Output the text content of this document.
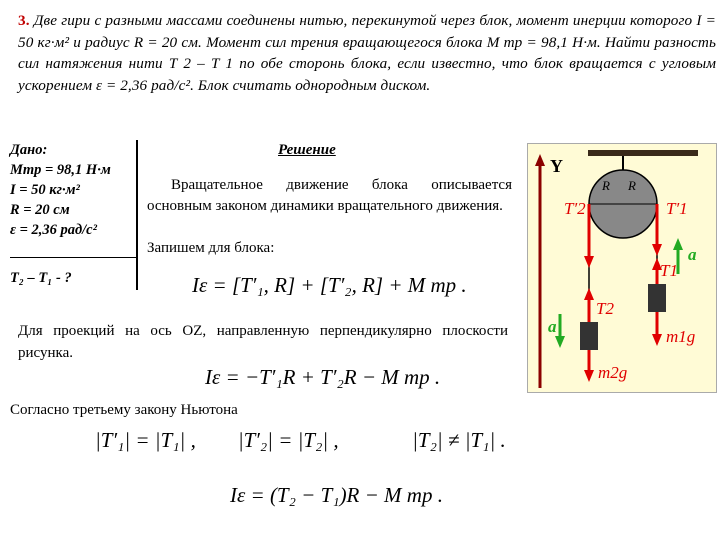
3. Две гири с разными массами соединены нитью, перекинутой через блок, момент инерции которого I = 50 кг·м² и радиус R = 20 см. Момент сил трения вращающегося блока M тр = 98,1 Н·м. Найти разность сил натяжения нити T 2 – T 1 по обе сторонь блока, если известно, что блок вращается с угловым ускорением ε = 2,36 рад/с². Блок считать однородным диском.
Дано:
Мтр = 98,1 Н·м
I = 50 кг·м²
R = 20 см
ε = 2,36 рад/с²
Т₂ – Т₁ - ?
Решение
Вращательное движение блока описывается основным законом динамики вращательного движения.
Запишем для блока:
Для проекций на ось OZ, направленную перпендикулярно плоскости рисунка.
Согласно третьему закону Ньютона
Iε = [T′₁, R] + [T′₂, R] + M тр .
Iε = −T′₁R + T′₂R − M тр .
|T′₁| = |T₁| , |T′₂| = |T₂| ,	|T₂| ≠ |T₁| .
Iε = (T₂ − T₁)R − M тр .
Y
R R
T′2	T′1
T1
m1g
a
T2
m2g
a
